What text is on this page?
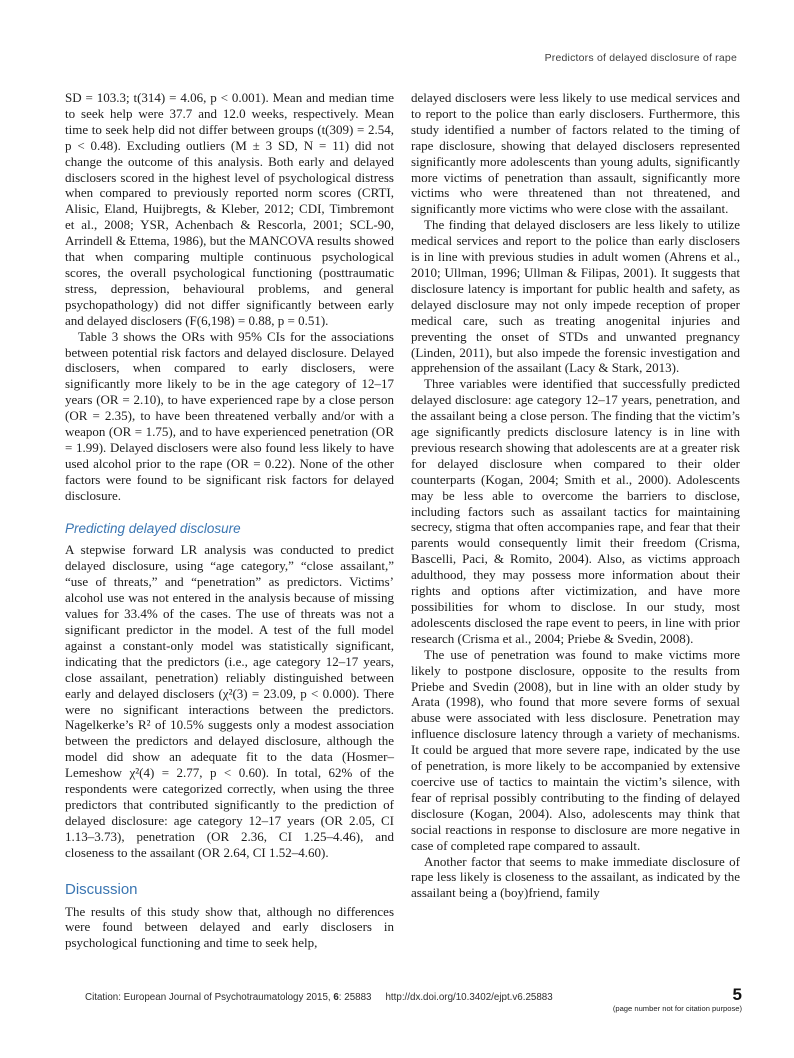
Predictors of delayed disclosure of rape

SD = 103.3; t(314) = 4.06, p < 0.001). Mean and median time to seek help were 37.7 and 12.0 weeks, respectively. Mean time to seek help did not differ between groups (t(309) = 2.54, p < 0.48). Excluding outliers (M ± 3 SD, N = 11) did not change the outcome of this analysis. Both early and delayed disclosers scored in the highest level of psychological distress when compared to previously reported norm scores (CRTI, Alisic, Eland, Huijbregts, & Kleber, 2012; CDI, Timbremont et al., 2008; YSR, Achenbach & Rescorla, 2001; SCL-90, Arrindell & Ettema, 1986), but the MANCOVA results showed that when comparing multiple continuous psychological scores, the overall psychological functioning (posttraumatic stress, depression, behavioural problems, and general psychopathology) did not differ significantly between early and delayed disclosers (F(6,198) = 0.88, p = 0.51).

Table 3 shows the ORs with 95% CIs for the associations between potential risk factors and delayed disclosure. Delayed disclosers, when compared to early disclosers, were significantly more likely to be in the age category of 12–17 years (OR = 2.10), to have experienced rape by a close person (OR = 2.35), to have been threatened verbally and/or with a weapon (OR = 1.75), and to have experienced penetration (OR = 1.99). Delayed disclosers were also found less likely to have used alcohol prior to the rape (OR = 0.22). None of the other factors were found to be significant risk factors for delayed disclosure.

Predicting delayed disclosure

A stepwise forward LR analysis was conducted to predict delayed disclosure, using “age category,” “close assailant,” “use of threats,” and “penetration” as predictors. Victims’ alcohol use was not entered in the analysis because of missing values for 33.4% of the cases. The use of threats was not a significant predictor in the model. A test of the full model against a constant-only model was statistically significant, indicating that the predictors (i.e., age category 12–17 years, close assailant, penetration) reliably distinguished between early and delayed disclosers (χ²(3) = 23.09, p < 0.000). There were no significant interactions between the predictors. Nagelkerke’s R² of 10.5% suggests only a modest association between the predictors and delayed disclosure, although the model did show an adequate fit to the data (Hosmer–Lemeshow χ²(4) = 2.77, p < 0.60). In total, 62% of the respondents were categorized correctly, when using the three predictors that contributed significantly to the prediction of delayed disclosure: age category 12–17 years (OR 2.05, CI 1.13–3.73), penetration (OR 2.36, CI 1.25–4.46), and closeness to the assailant (OR 2.64, CI 1.52–4.60).

Discussion

The results of this study show that, although no differences were found between delayed and early disclosers in psychological functioning and time to seek help,

delayed disclosers were less likely to use medical services and to report to the police than early disclosers. Furthermore, this study identified a number of factors related to the timing of rape disclosure, showing that delayed disclosers represented significantly more adolescents than young adults, significantly more victims of penetration than assault, significantly more victims who were threatened than not threatened, and significantly more victims who were close with the assailant.

The finding that delayed disclosers are less likely to utilize medical services and report to the police than early disclosers is in line with previous studies in adult women (Ahrens et al., 2010; Ullman, 1996; Ullman & Filipas, 2001). It suggests that disclosure latency is important for public health and safety, as delayed disclosure may not only impede reception of proper medical care, such as treating anogenital injuries and preventing the onset of STDs and unwanted pregnancy (Linden, 2011), but also impede the forensic investigation and apprehension of the assailant (Lacy & Stark, 2013).

Three variables were identified that successfully predicted delayed disclosure: age category 12–17 years, penetration, and the assailant being a close person. The finding that the victim’s age significantly predicts disclosure latency is in line with previous research showing that adolescents are at a greater risk for delayed disclosure when compared to their older counterparts (Kogan, 2004; Smith et al., 2000). Adolescents may be less able to overcome the barriers to disclose, including factors such as assailant tactics for maintaining secrecy, stigma that often accompanies rape, and fear that their parents would consequently limit their freedom (Crisma, Bascelli, Paci, & Romito, 2004). Also, as victims approach adulthood, they may possess more information about their rights and options after victimization, and have more possibilities for whom to disclose. In our study, most adolescents disclosed the rape event to peers, in line with prior research (Crisma et al., 2004; Priebe & Svedin, 2008).

The use of penetration was found to make victims more likely to postpone disclosure, opposite to the results from Priebe and Svedin (2008), but in line with an older study by Arata (1998), who found that more severe forms of sexual abuse were associated with less disclosure. Penetration may influence disclosure latency through a variety of mechanisms. It could be argued that more severe rape, indicated by the use of penetration, is more likely to be accompanied by extensive coercive use of tactics to maintain the victim’s silence, with fear of reprisal possibly contributing to the finding of delayed disclosure (Kogan, 2004). Also, adolescents may think that social reactions in response to disclosure are more negative in case of completed rape compared to assault.

Another factor that seems to make immediate disclosure of rape less likely is closeness to the assailant, as indicated by the assailant being a (boy)friend, family

Citation: European Journal of Psychotraumatology 2015, 6: 25883 http://dx.doi.org/10.3402/ejpt.v6.25883	5
(page number not for citation purpose)
